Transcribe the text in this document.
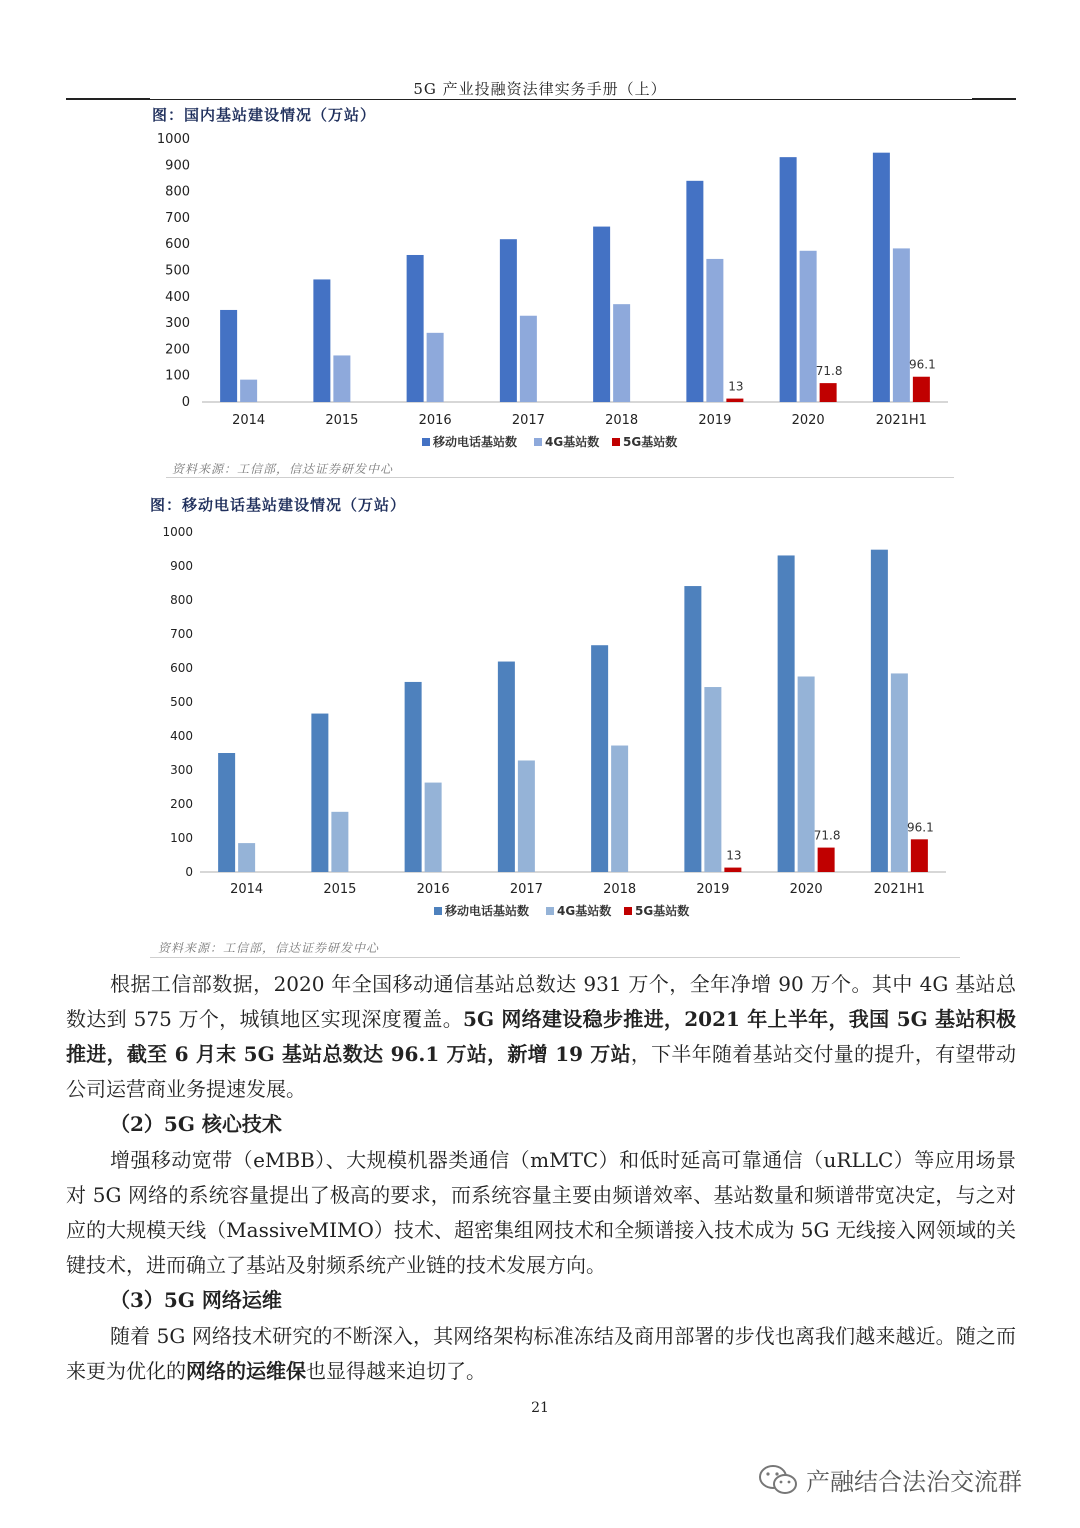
5G 产业投融资法律实务手册（上）
图：国内基站建设情况（万站）
1000
900
800
700
600
500
400
300
200
100
0
2014	2015	2016	2017	2018
13
2019
71.8
2020
96.1
2021H1
移动电话基站数 4G基站数 5G基站数
资料来源：工信部，信达证券研发中心
图：移动电话基站建设情况（万站）
1000
900
800
700
600
500
400
300
200
100
0
2014	2015	2016	2017	2018
13
2019
71.8
2020
96.1
2021H1
移动电话基站数 4G基站数 5G基站数
资料来源：工信部，信达证券研发中心

根据工信部数据，2020 年全国移动通信基站总数达 931 万个，全年净增 90 万个。其中 4G 基站总数达到 575 万个，城镇地区实现深度覆盖。5G 网络建设稳步推进，2021 年上半年，我国 5G 基站积极推进，截至 6 月末 5G 基站总数达 96.1 万站，新增 19 万站，下半年随着基站交付量的提升，有望带动公司运营商业务提速发展。

（2）5G 核心技术

增强移动宽带（eMBB）、大规模机器类通信（mMTC）和低时延高可靠通信（uRLLC）等应用场景对 5G 网络的系统容量提出了极高的要求，而系统容量主要由频谱效率、基站数量和频谱带宽决定，与之对应的大规模天线（MassiveMIMO）技术、超密集组网技术和全频谱接入技术成为 5G 无线接入网领域的关键技术，进而确立了基站及射频系统产业链的技术发展方向。

（3）5G 网络运维

随着 5G 网络技术研究的不断深入，其网络架构标准冻结及商用部署的步伐也离我们越来越近。随之而来更为优化的网络的运维保也显得越来迫切了。

21
产融结合法治交流群
